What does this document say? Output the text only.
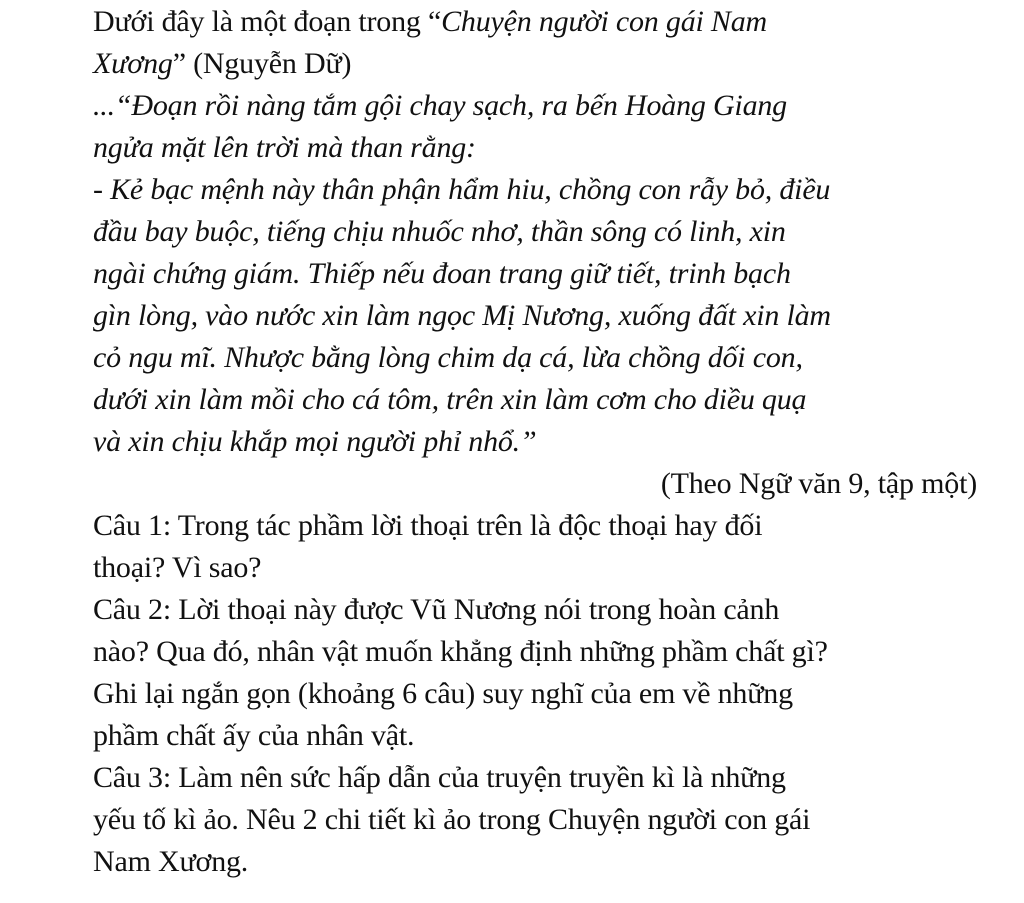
Dưới đây là một đoạn trong “Chuyện người con gái Nam
Xương” (Nguyễn Dữ)
...“Đoạn rồi nàng tắm gội chay sạch, ra bến Hoàng Giang
ngửa mặt lên trời mà than rằng:
- Kẻ bạc mệnh này thân phận hẩm hiu, chồng con rẫy bỏ, điều
đầu bay buộc, tiếng chịu nhuốc nhơ, thần sông có linh, xin
ngài chứng giám. Thiếp nếu đoan trang giữ tiết, trinh bạch
gìn lòng, vào nước xin làm ngọc Mị Nương, xuống đất xin làm
cỏ ngu mĩ. Nhược bằng lòng chim dạ cá, lừa chồng dối con,
dưới xin làm mồi cho cá tôm, trên xin làm cơm cho diều quạ
và xin chịu khắp mọi người phỉ nhổ.”
(Theo Ngữ văn 9, tập một)
Câu 1: Trong tác phầm lời thoại trên là độc thoại hay đối
thoại? Vì sao?
Câu 2: Lời thoại này được Vũ Nương nói trong hoàn cảnh
nào? Qua đó, nhân vật muốn khẳng định những phầm chất gì?
Ghi lại ngắn gọn (khoảng 6 câu) suy nghĩ của em về những
phầm chất ấy của nhân vật.
Câu 3: Làm nên sức hấp dẫn của truyện truyền kì là những
yếu tố kì ảo. Nêu 2 chi tiết kì ảo trong Chuyện người con gái
Nam Xương.
